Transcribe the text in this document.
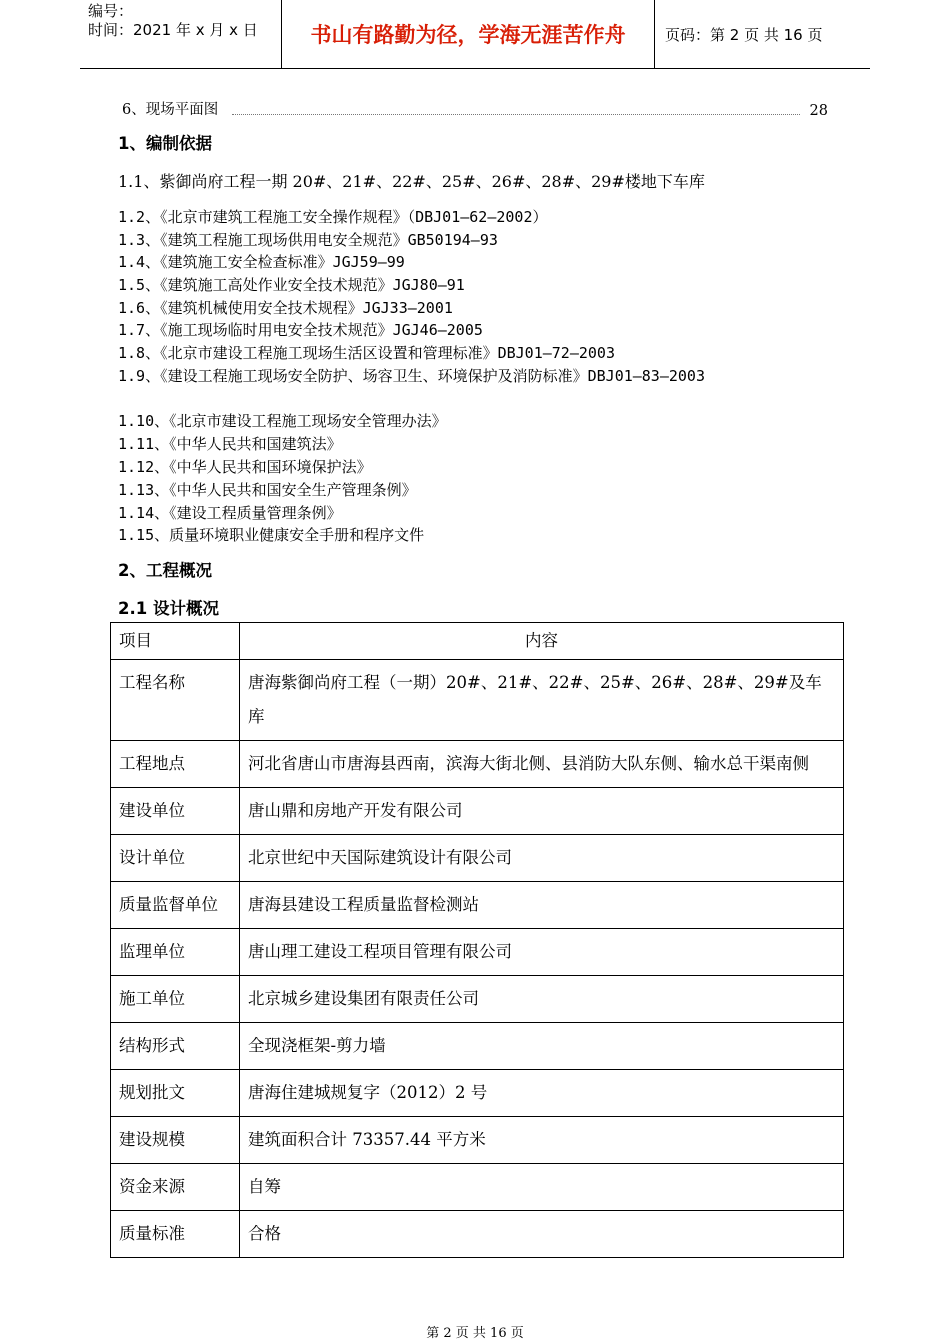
编号：
时间：2021 年 x 月 x 日	书山有路勤为径，学海无涯苦作舟	页码：第 2 页 共 16 页
6、现场平面图	28
1、编制依据
1.1、紫御尚府工程一期 20#、21#、22#、25#、26#、28#、29#楼地下车库
1.2、《北京市建筑工程施工安全操作规程》（DBJ01—62—2002）
1.3、《建筑工程施工现场供用电安全规范》GB50194—93
1.4、《建筑施工安全检查标准》JGJ59—99
1.5、《建筑施工高处作业安全技术规范》JGJ80—91
1.6、《建筑机械使用安全技术规程》JGJ33—2001
1.7、《施工现场临时用电安全技术规范》JGJ46—2005
1.8、《北京市建设工程施工现场生活区设置和管理标准》DBJ01—72—2003
1.9、《建设工程施工现场安全防护、场容卫生、环境保护及消防标准》DBJ01—83—2003
1.10、《北京市建设工程施工现场安全管理办法》
1.11、《中华人民共和国建筑法》
1.12、《中华人民共和国环境保护法》
1.13、《中华人民共和国安全生产管理条例》
1.14、《建设工程质量管理条例》
1.15、质量环境职业健康安全手册和程序文件
2、工程概况
2.1 设计概况
项目	内容
工程名称	唐海紫御尚府工程（一期）20#、21#、22#、25#、26#、28#、29#及车库
工程地点	河北省唐山市唐海县西南，滨海大街北侧、县消防大队东侧、输水总干渠南侧
建设单位	唐山鼎和房地产开发有限公司
设计单位	北京世纪中天国际建筑设计有限公司
质量监督单位	唐海县建设工程质量监督检测站
监理单位	唐山理工建设工程项目管理有限公司
施工单位	北京城乡建设集团有限责任公司
结构形式	全现浇框架-剪力墙
规划批文	唐海住建城规复字（2012）2 号
建设规模	建筑面积合计 73357.44 平方米
资金来源	自筹
质量标准	合格
第 2 页 共 16 页
